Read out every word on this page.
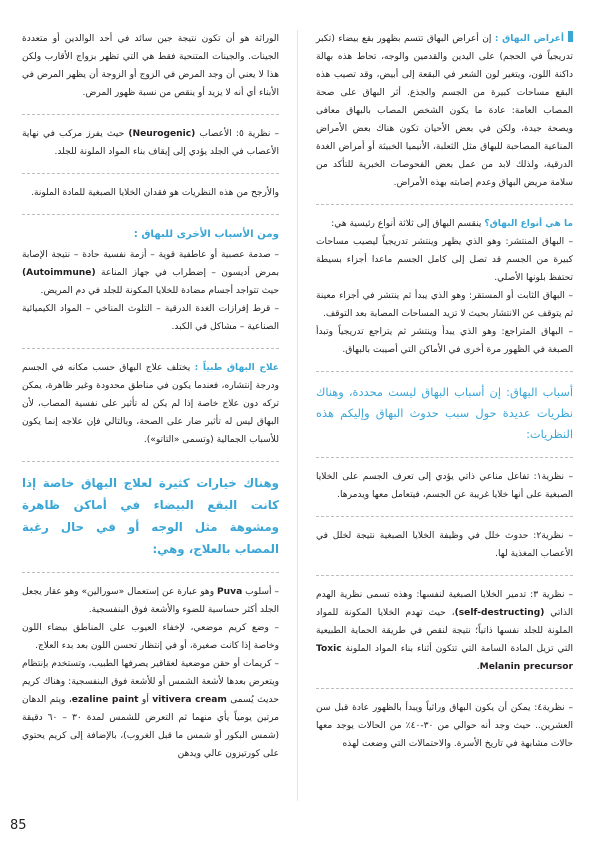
أعراض البهاق : إن أعراض البهاق تتسم بظهور بقع بيضاء (تكبر تدريجياً في الحجم) على اليدين والقدمين والوجه، تحاط هذه بهالة داكنة اللون، ويتغير لون الشعر في البقعة إلى أبيض، وقد تصيب هذه البقع مساحات كبيرة من الجسم والجذع. أثر البهاق على صحة المصاب العامة: عادة ما يكون الشخص المصاب بالبهاق معافى ويصحة جيدة، ولكن في بعض الأحيان تكون هناك بعض الأمراض المناعية المصاحبة للبهاق مثل الثعلبة، الأنيميا الخبيثة أو أمراض الغدة الدرقية، ولذلك لابد من عمل بعض الفحوصات الخبرية للتأكد من سلامة مريض البهاق وعدم إصابته بهذه الأمراض.

ما هي أنواع البهاق؟ ينقسم البهاق إلى ثلاثة أنواع رئيسية هي:
– البهاق المنتشر: وهو الذي يظهر وينتشر تدريجياً ليصيب مساحات كبيرة من الجسم قد تصل إلى كامل الجسم ماعدا أجزاء بسيطة تحتفظ بلونها الأصلي.
– البهاق الثابت أو المستقر: وهو الذي يبدأ ثم ينتشر في أجزاء معينة ثم يتوقف عن الانتشار بحيث لا تزيد المساحات المصابة بعد التوقف.
– البهاق المتراجع: وهو الذي يبدأ وينتشر ثم يتراجع تدريجياً وتبدأ الصبغة في الظهور مرة أخرى في الأماكن التي أصيبت بالبهاق.

أسباب البهاق: إن أسباب البهاق ليست محددة، وهناك نظريات عديدة حول سبب حدوث البهاق وإليكم هذه النظريات:

– نظرية١: تفاعل مناعي ذاتي يؤدي إلى تعرف الجسم على الخلايا الصبغية على أنها خلايا غريبة عن الجسم، فيتعامل معها ويدمرها.

– نظرية٢: حدوث خلل في وظيفة الخلايا الصبغية نتيجة لخلل في الأعصاب المغذية لها.

– نظرية ٣: تدمير الخلايا الصبغية لنفسها: وهذه تسمى نظرية الهدم الذاتي (self-destructing)، حيث تهدم الخلايا المكونة للمواد الملونة للجلد نفسها ذاتياً؛ نتيجة لنقص في طريقة الحماية الطبيعية التي تزيل المادة السامة التي تتكون أثناء بناء المواد الملونة Toxic Melanin precursor.

– نظرية٤: يمكن أن يكون البهاق وراثياً ويبدأ بالظهور عادة قبل سن العشرين.. حيث وجد أنه حوالي من ٣٠-٤٠٪ من الحالات يوجد معها حالات مشابهة في تاريخ الأسرة. والاحتمالات التي وضعت لهذه

الوراثة هو أن تكون نتيجة جين سائد في أحد الوالدين أو متعددة الجينات. والجينات المتنحية فقط هي التي تظهر بزواج الأقارب ولكن هذا لا يعني أن وجد المرض في الزوج أو الزوجة أن يظهر المرض في الأبناء أي أنه لا يزيد أو ينقص من نسبة ظهور المرض.

– نظرية ٥: الأعصاب (Neurogenic) حيث يفرز مركب في نهاية الأعصاب في الجلد يؤدي إلى إيقاف بناء المواد الملونة للجلد.

والأرجح من هذه النظريات هو فقدان الخلايا الصبغية للمادة الملونة.

ومن الأسباب الأخرى للبهاق :

– صدمة عصبية أو عاطفية قوية – أزمة نفسية حادة – نتيجة الإصابة بمرض أديسون – إضطراب في جهاز المناعة (Autoimmune) حيث تتواجد أجسام مضادة للخلايا المكونة للجلد في دم المريض.
– قرط إفرازات الغدة الدرقية – التلوث المناخي – المواد الكيميائية الصناعية – مشاكل في الكبد.

علاج البهاق طبياً : يختلف علاج البهاق حسب مكانه في الجسم ودرجة إنتشاره، فعندما يكون في مناطق محدودة وغير ظاهرة، يمكن تركه دون علاج خاصة إذا لم يكن له تأثير على نفسية المصاب، لأن البهاق ليس له تأثير ضار على الصحة، وبالتالي فإن علاجه إنما يكون للأسباب الجمالية (وتسمى «التاتو»).

وهناك خيارات كثيرة لعلاج البهاق خاصة إذا كانت البقع البيضاء في أماكن ظاهرة ومشوهة مثل الوجه أو في حال رغبة المصاب بالعلاج، وهي:

– أسلوب Puva وهو عبارة عن إستعمال «سورالين» وهو عقار يجعل الجلد أكثر حساسية للضوء والأشعة فوق البنفسجية.
– وضع كريم موضعي، لإخفاء العيوب على المناطق بيضاء اللون وخاصة إذا كانت صغيرة، أو في إنتظار تحسن اللون بعد بدء العلاج.
– كريمات أو حقن موضعية لعقاقير يصرفها الطبيب، وتستخدم بإنتظام ويتعرض بعدها لأشعة الشمس أو للأشعة فوق البنفسجية: وهناك كريم حديث يُسمى vitivera cream أو ezaline paint، ويتم الدهان مرتين يومياً يأي منهما ثم التعرض للشمس لمدة ٣٠ – ٦٠ دقيقة (شمس البكور أو شمس ما قبل الغروب)، بالإضافة إلى كريم يحتوي على كورتيزون عالي ويدهن

85
